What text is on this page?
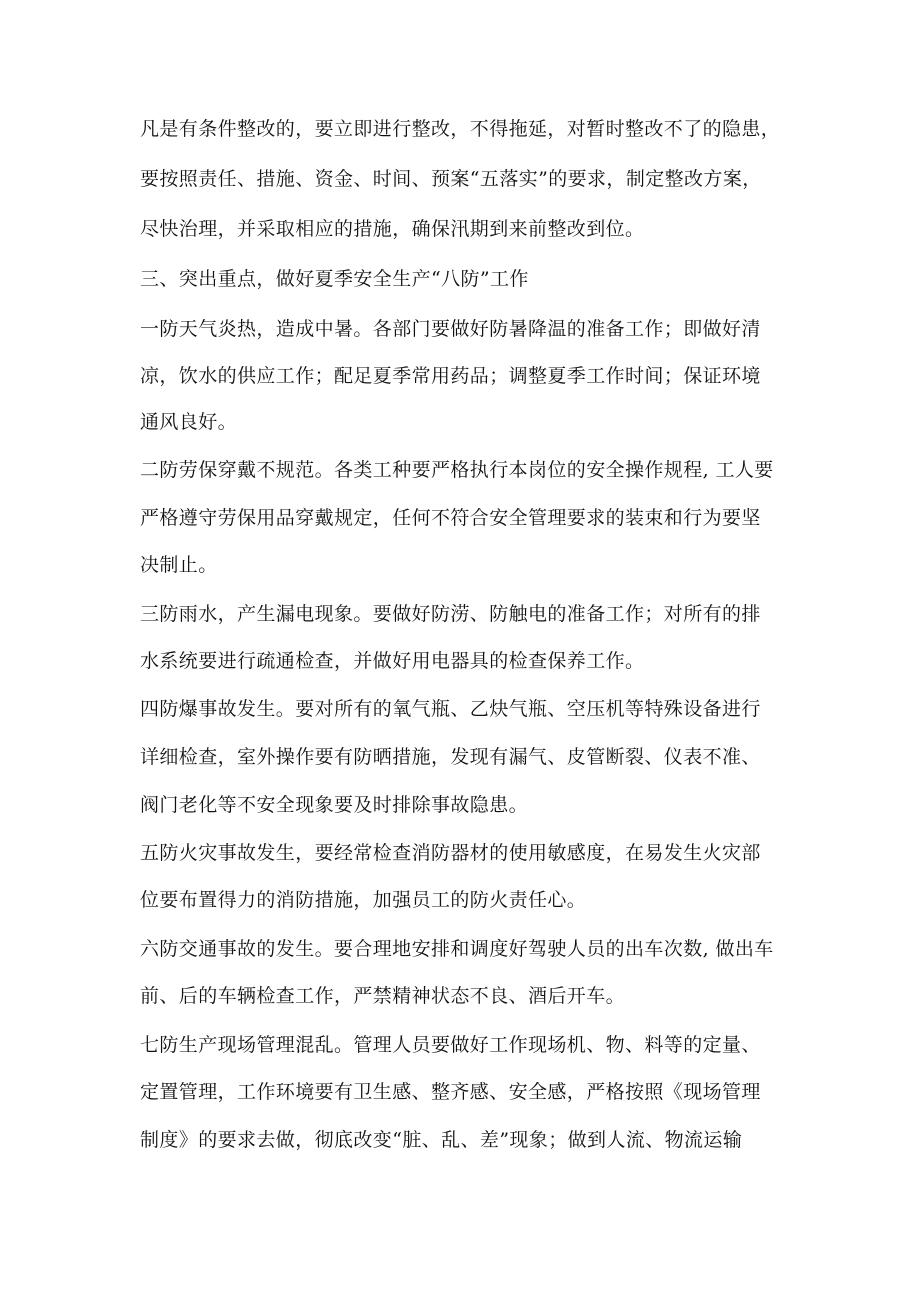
凡是有条件整改的，要立即进行整改，不得拖延，对暂时整改不了的隐患，
要按照责任、措施、资金、时间、预案“五落实”的要求，制定整改方案，
尽快治理，并采取相应的措施，确保汛期到来前整改到位。
三、突出重点，做好夏季安全生产“八防”工作
一防天气炎热，造成中暑。各部门要做好防暑降温的准备工作；即做好清
凉，饮水的供应工作；配足夏季常用药品；调整夏季工作时间；保证环境
通风良好。
二防劳保穿戴不规范。各类工种要严格执行本岗位的安全操作规程, 工人要
严格遵守劳保用品穿戴规定，任何不符合安全管理要求的装束和行为要坚
决制止。
三防雨水，产生漏电现象。要做好防涝、防触电的准备工作；对所有的排
水系统要进行疏通检查，并做好用电器具的检查保养工作。
四防爆事故发生。要对所有的氧气瓶、乙炔气瓶、空压机等特殊设备进行
详细检查，室外操作要有防晒措施，发现有漏气、皮管断裂、仪表不准、
阀门老化等不安全现象要及时排除事故隐患。
五防火灾事故发生，要经常检查消防器材的使用敏感度，在易发生火灾部
位要布置得力的消防措施，加强员工的防火责任心。
六防交通事故的发生。要合理地安排和调度好驾驶人员的出车次数, 做出车
前、后的车辆检查工作，严禁精神状态不良、酒后开车。
七防生产现场管理混乱。管理人员要做好工作现场机、物、料等的定量、
定置管理，工作环境要有卫生感、整齐感、安全感，严格按照《现场管理
制度》的要求去做，彻底改变“脏、乱、差”现象；做到人流、物流运输
